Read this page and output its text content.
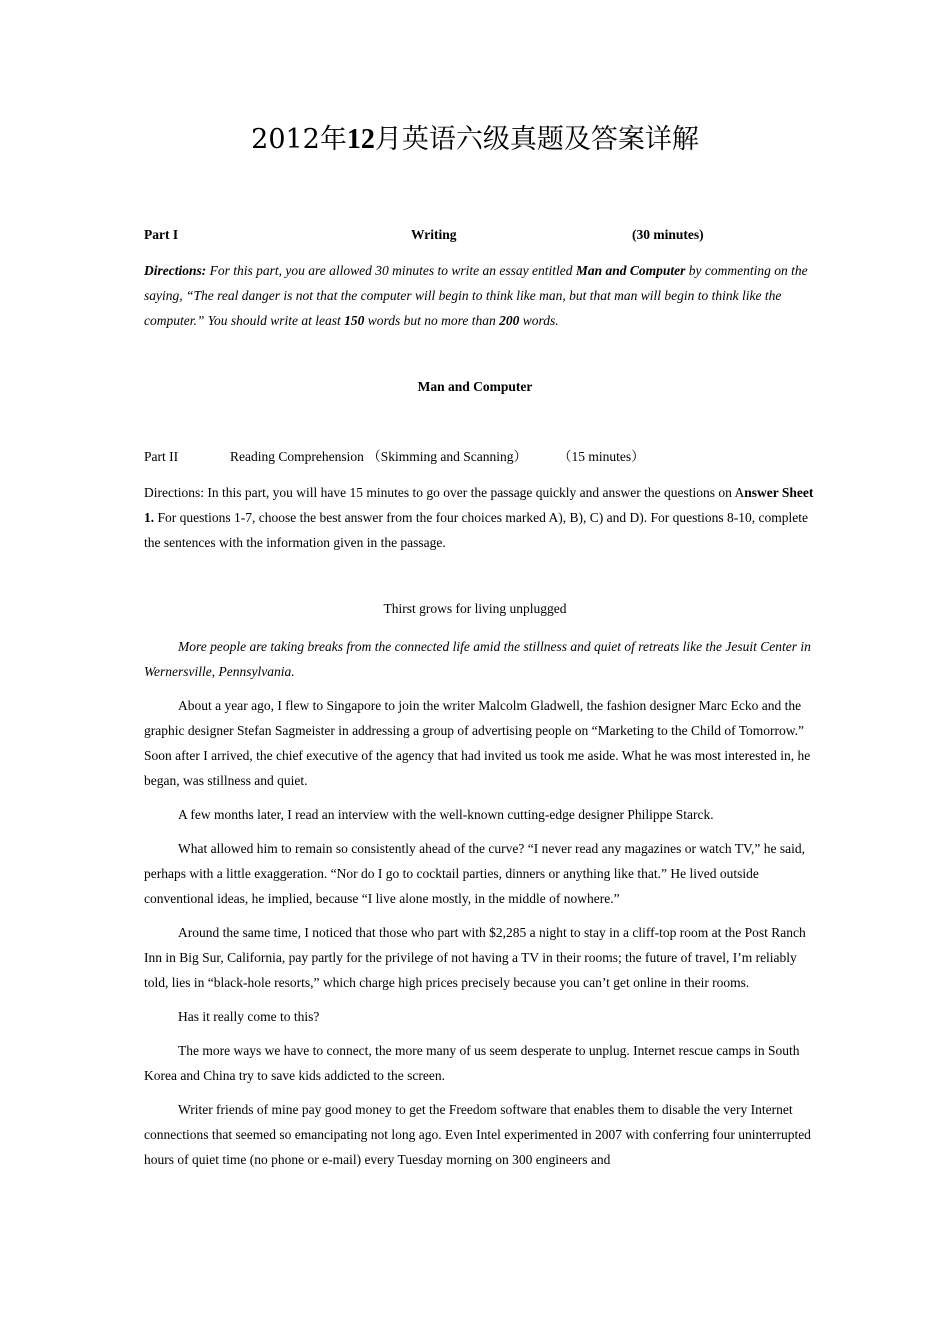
2012年12月英语六级真题及答案详解
Part I	Writing	(30 minutes)
Directions: For this part, you are allowed 30 minutes to write an essay entitled Man and Computer by commenting on the saying, “The real danger is not that the computer will begin to think like man, but that man will begin to think like the computer.” You should write at least 150 words but no more than 200 words.
Man and Computer
Part II	Reading Comprehension （Skimming and Scanning） （15 minutes）
Directions: In this part, you will have 15 minutes to go over the passage quickly and answer the questions on Answer Sheet 1. For questions 1-7, choose the best answer from the four choices marked A), B), C) and D). For questions 8-10, complete the sentences with the information given in the passage.
Thirst grows for living unplugged

More people are taking breaks from the connected life amid the stillness and quiet of retreats like the Jesuit Center in Wernersville, Pennsylvania.

About a year ago, I flew to Singapore to join the writer Malcolm Gladwell, the fashion designer Marc Ecko and the graphic designer Stefan Sagmeister in addressing a group of advertising people on “Marketing to the Child of Tomorrow.” Soon after I arrived, the chief executive of the agency that had invited us took me aside. What he was most interested in, he began, was stillness and quiet.

A few months later, I read an interview with the well-known cutting-edge designer Philippe Starck.

What allowed him to remain so consistently ahead of the curve? “I never read any magazines or watch TV,” he said, perhaps with a little exaggeration. “Nor do I go to cocktail parties, dinners or anything like that.” He lived outside conventional ideas, he implied, because “I live alone mostly, in the middle of nowhere.”

Around the same time, I noticed that those who part with $2,285 a night to stay in a cliff-top room at the Post Ranch Inn in Big Sur, California, pay partly for the privilege of not having a TV in their rooms; the future of travel, I’m reliably told, lies in “black-hole resorts,” which charge high prices precisely because you can’t get online in their rooms.

Has it really come to this?

The more ways we have to connect, the more many of us seem desperate to unplug. Internet rescue camps in South Korea and China try to save kids addicted to the screen.

Writer friends of mine pay good money to get the Freedom software that enables them to disable the very Internet connections that seemed so emancipating not long ago. Even Intel experimented in 2007 with conferring four uninterrupted hours of quiet time (no phone or e-mail) every Tuesday morning on 300 engineers and
